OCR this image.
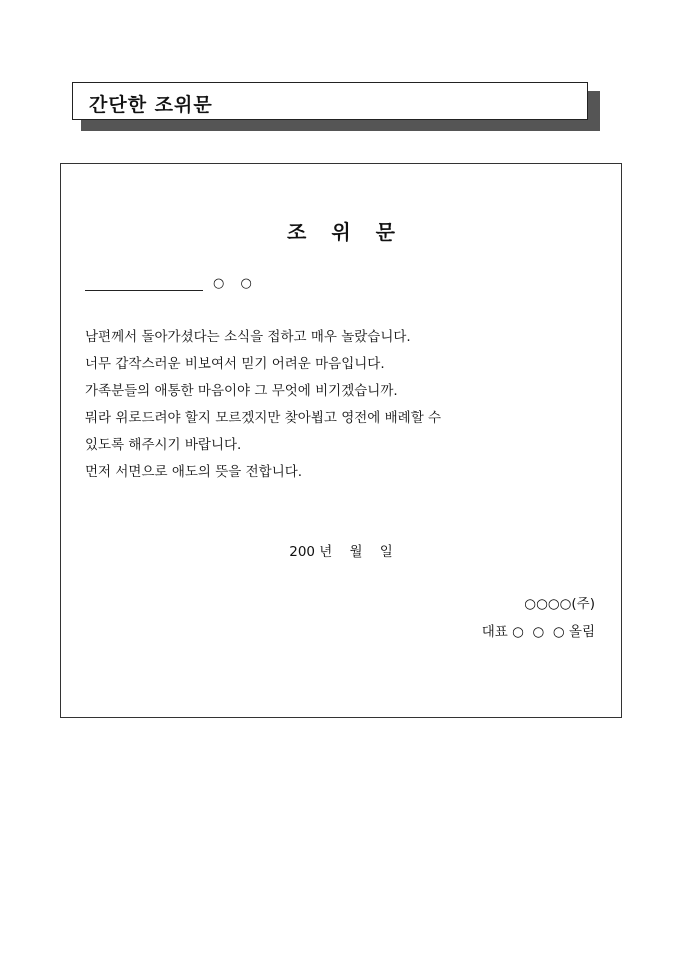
간단한 조위문
조 위 문
○ ○
남편께서 돌아가셨다는 소식을 접하고 매우 놀랐습니다.
너무 갑작스러운 비보여서 믿기 어려운 마음입니다.
가족분들의 애통한 마음이야 그 무엇에 비기겠습니까.
뭐라 위로드려야 할지 모르겠지만 찾아뵙고 영전에 배례할 수
있도록 해주시기 바랍니다.
먼저 서면으로 애도의 뜻을 전합니다.
200 년    월    일
○○○○(주)
대표 ○  ○  ○ 올림
